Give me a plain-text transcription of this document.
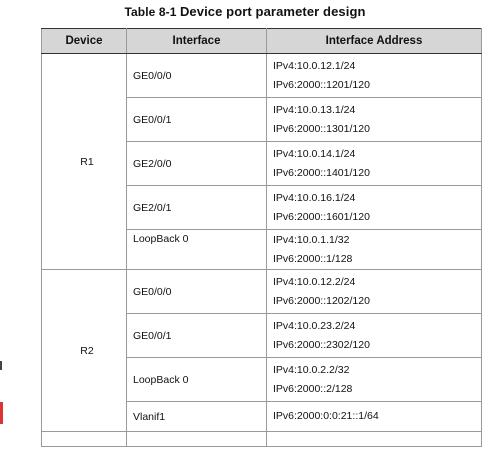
Table 8-1 Device port parameter design
Device	Interface	Interface Address
R1	GE0/0/0	IPv4:10.0.12.1/24
IPv6:2000::1201/120

	GE0/0/1	IPv4:10.0.13.1/24
IPv6:2000::1301/120

	GE2/0/0	IPv4:10.0.14.1/24
IPv6:2000::1401/120

	GE2/0/1	IPv4:10.0.16.1/24
IPv6:2000::1601/120

	LoopBack 0	IPv4:10.0.1.1/32
IPv6:2000::1/128

R2	GE0/0/0	IPv4:10.0.12.2/24
IPv6:2000::1202/120

	GE0/0/1	IPv4:10.0.23.2/24
IPv6:2000::2302/120

	LoopBack 0	IPv4:10.0.2.2/32
IPv6:2000::2/128

	Vlanif1	IPv6:2000:0:0:21::1/64
